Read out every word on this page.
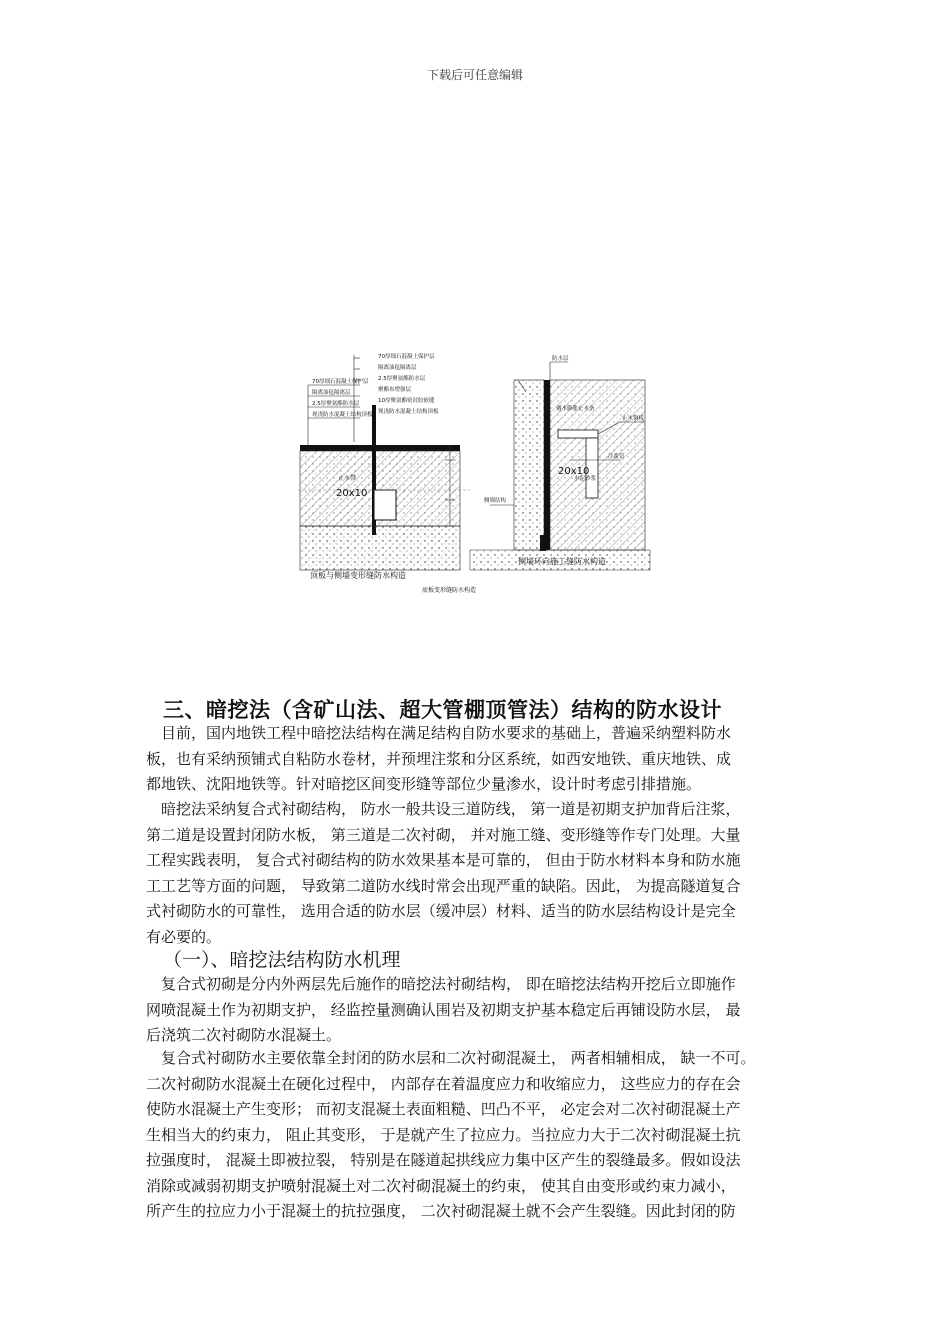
下载后可任意编辑
70厚细石混凝土保护层
隔离油毡隔离层
2.5厚聚氨酯防水层
现浇防水混凝土结构顶板
70厚细石混凝土保护层
隔离油毡隔离层
2.5厚聚氨酯防水层
聚酯布增强层
10厚聚氨酯密封胶嵌缝
现浇防水混凝土结构顶板
止水带
20x10
顶板与侧墙变形缝防水构造
底板变形缝防水构造
防水层
遇水膨胀止水条
止水钢板
注浆管
水泥砂浆
20x10
侧墙结构
侧墙环向施工缝防水构造
三、暗挖法（含矿山法、超大管棚顶管法）结构的防水设计
目前，国内地铁工程中暗挖法结构在满足结构自防水要求的基础上，普遍采纳塑料防水
板，也有采纳预铺式自粘防水卷材，并预埋注浆和分区系统，如西安地铁、重庆地铁、成
都地铁、沈阳地铁等。针对暗挖区间变形缝等部位少量渗水，设计时考虑引排措施。
暗挖法采纳复合式衬砌结构， 防水一般共设三道防线， 第一道是初期支护加背后注浆，
第二道是设置封闭防水板， 第三道是二次衬砌， 并对施工缝、变形缝等作专门处理。大量
工程实践表明， 复合式衬砌结构的防水效果基本是可靠的， 但由于防水材料本身和防水施
工工艺等方面的问题， 导致第二道防水线时常会出现严重的缺陷。因此， 为提高隧道复合
式衬砌防水的可靠性， 选用合适的防水层（缓冲层）材料、适当的防水层结构设计是完全
有必要的。
（一）、暗挖法结构防水机理
复合式初砌是分内外两层先后施作的暗挖法衬砌结构， 即在暗挖法结构开挖后立即施作
网喷混凝土作为初期支护， 经监控量测确认围岩及初期支护基本稳定后再铺设防水层， 最
后浇筑二次衬砌防水混凝土。
复合式衬砌防水主要依靠全封闭的防水层和二次衬砌混凝土， 两者相辅相成， 缺一不可。
二次衬砌防水混凝土在硬化过程中， 内部存在着温度应力和收缩应力， 这些应力的存在会
使防水混凝土产生变形； 而初支混凝土表面粗糙、凹凸不平， 必定会对二次衬砌混凝土产
生相当大的约束力， 阻止其变形， 于是就产生了拉应力。当拉应力大于二次衬砌混凝土抗
拉强度时， 混凝土即被拉裂， 特别是在隧道起拱线应力集中区产生的裂缝最多。假如设法
消除或减弱初期支护喷射混凝土对二次衬砌混凝土的约束， 使其自由变形或约束力减小，
所产生的拉应力小于混凝土的抗拉强度， 二次衬砌混凝土就不会产生裂缝。因此封闭的防
